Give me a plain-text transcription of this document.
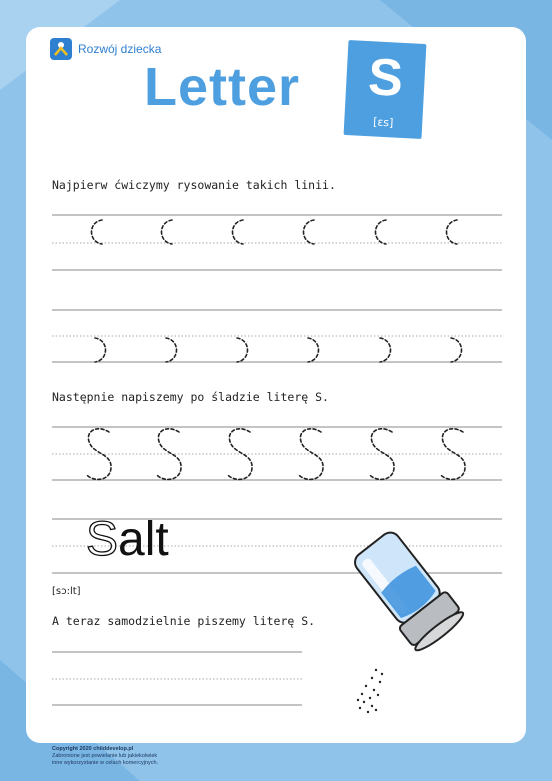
Rozwój dziecka
Letter	S
[ɛs]
Najpierw ćwiczymy rysowanie takich linii.
Następnie napiszemy po śladzie literę S.
A teraz samodzielnie piszemy literę S.
Salt
[sɔ:lt]
Copyright 2020 childdevelop.pl
Zabronione jest powielanie lub jakiekolwiek
inne wykorzystanie w celach komercyjnych.
